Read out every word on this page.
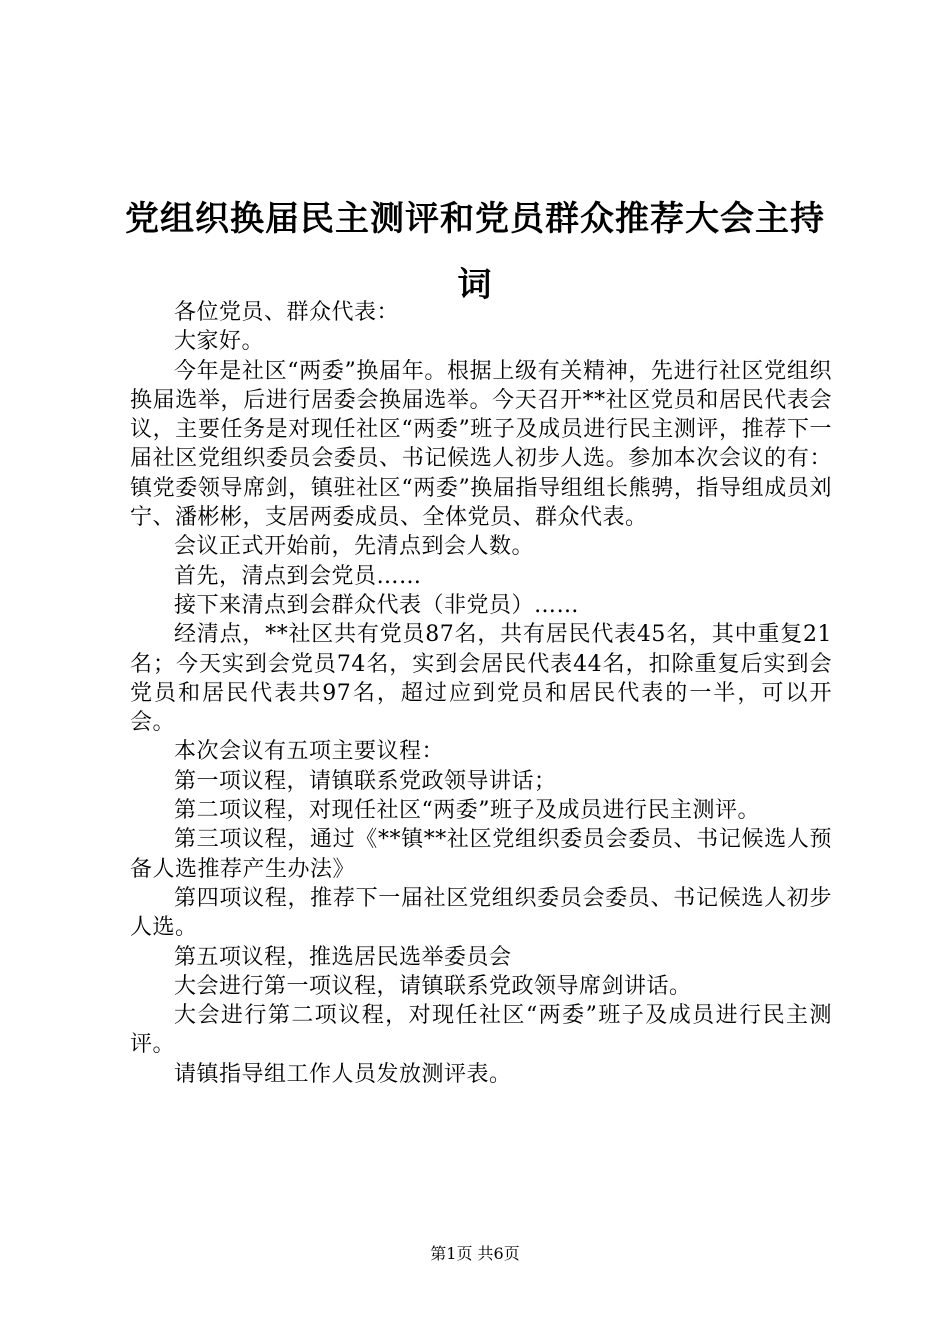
党组织换届民主测评和党员群众推荐大会主持词

各位党员、群众代表：

大家好。

今年是社区“两委”换届年。根据上级有关精神，先进行社区党组织换届选举，后进行居委会换届选举。今天召开**社区党员和居民代表会议，主要任务是对现任社区“两委”班子及成员进行民主测评，推荐下一届社区党组织委员会委员、书记候选人初步人选。参加本次会议的有：镇党委领导席剑，镇驻社区“两委”换届指导组组长熊骋，指导组成员刘宁、潘彬彬，支居两委成员、全体党员、群众代表。

会议正式开始前，先清点到会人数。

首先，清点到会党员……

接下来清点到会群众代表（非党员）……

经清点，**社区共有党员87名，共有居民代表45名，其中重复21名；今天实到会党员74名，实到会居民代表44名，扣除重复后实到会党员和居民代表共97名，超过应到党员和居民代表的一半，可以开会。

本次会议有五项主要议程：

第一项议程，请镇联系党政领导讲话；

第二项议程，对现任社区“两委”班子及成员进行民主测评。

第三项议程，通过《**镇**社区党组织委员会委员、书记候选人预备人选推荐产生办法》

第四项议程，推荐下一届社区党组织委员会委员、书记候选人初步人选。

第五项议程，推选居民选举委员会

大会进行第一项议程，请镇联系党政领导席剑讲话。

大会进行第二项议程，对现任社区“两委”班子及成员进行民主测评。

请镇指导组工作人员发放测评表。

第1页 共6页
